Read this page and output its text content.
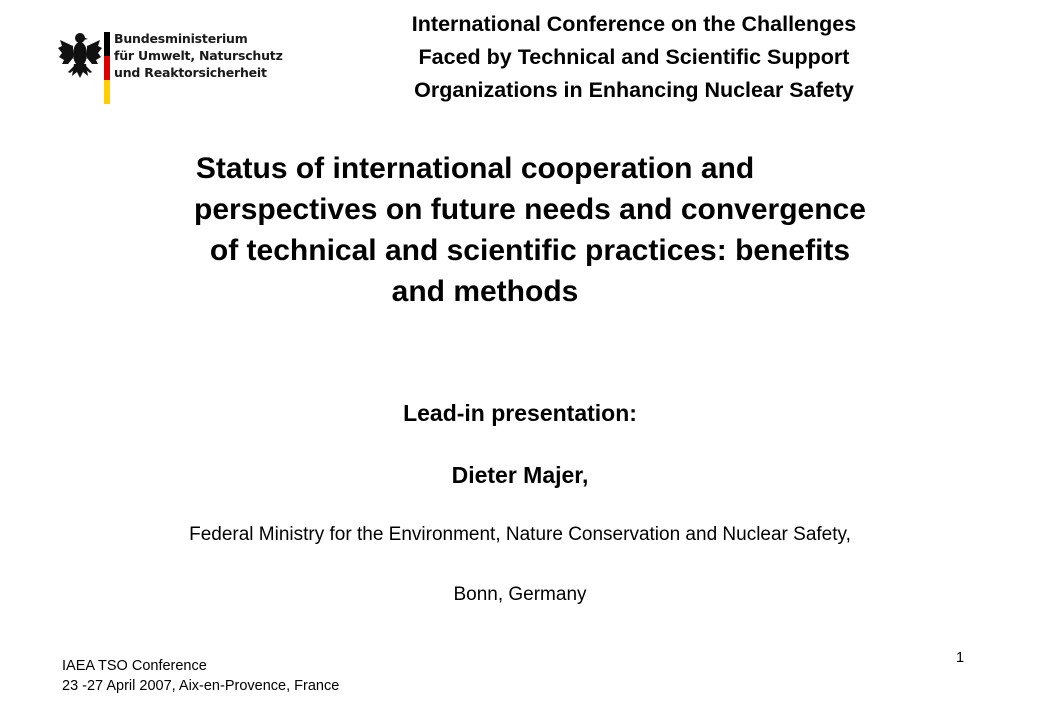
Bundesministerium
für Umwelt, Naturschutz
und Reaktorsicherheit
International Conference on the Challenges
Faced by Technical and Scientific Support
Organizations in Enhancing Nuclear Safety
Status of international cooperation and
perspectives on future needs and convergence
of technical and scientific practices: benefits
and methods
Lead-in presentation:
Dieter Majer,
Federal Ministry for the Environment, Nature Conservation and Nuclear Safety,
Bonn, Germany
IAEA TSO Conference
23 -27 April 2007, Aix-en-Provence, France
1
